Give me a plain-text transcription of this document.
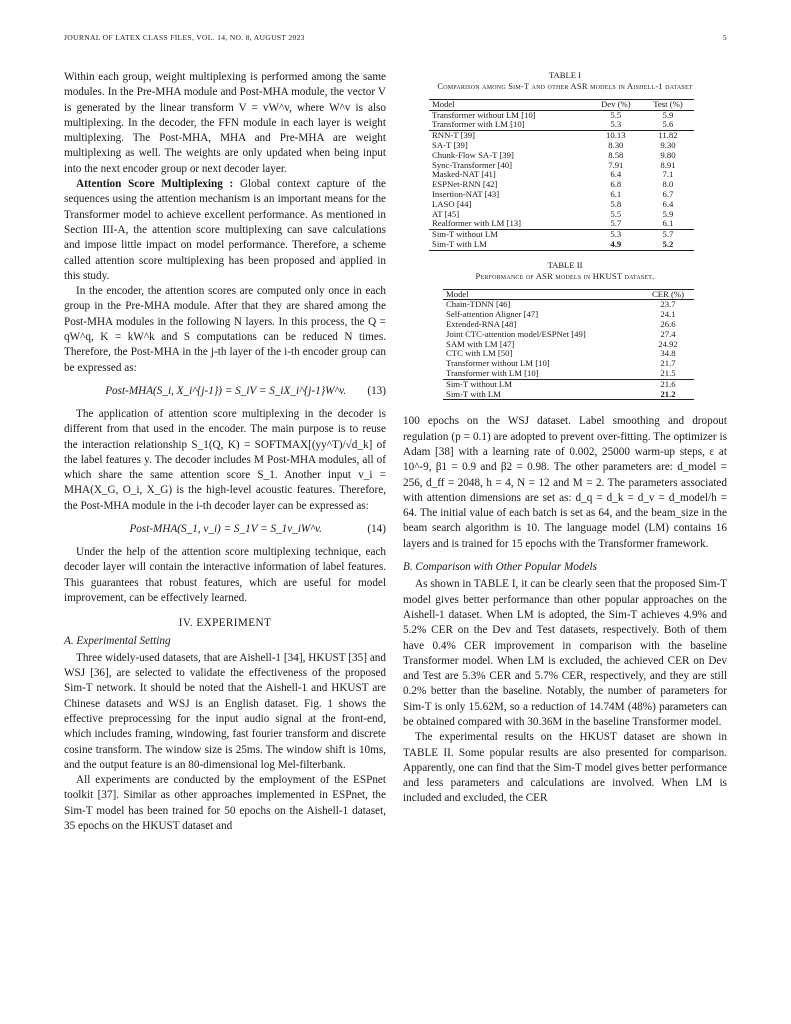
JOURNAL OF LATEX CLASS FILES, VOL. 14, NO. 8, AUGUST 2023	5

Within each group, weight multiplexing is performed among the same modules. In the Pre-MHA module and Post-MHA module, the vector V is generated by the linear transform V = vW^v, where W^v is also multiplexing. In the decoder, the FFN module in each layer is weight multiplexing. The Post-MHA, MHA and Pre-MHA are weight multiplexing as well. The weights are only updated when being input into the next encoder group or next decoder layer.

Attention Score Multiplexing : Global context capture of the sequences using the attention mechanism is an important means for the Transformer model to achieve excellent performance. As mentioned in Section III-A, the attention score multiplexing can save calculations and impose little impact on model performance. Therefore, a scheme called attention score multiplexing has been proposed and applied in this study.

In the encoder, the attention scores are computed only once in each group in the Pre-MHA module. After that they are shared among the Post-MHA modules in the following N layers. In this process, the Q = qW^q, K = kW^k and S computations can be reduced N times. Therefore, the Post-MHA in the j-th layer of the i-th encoder group can be expressed as:

Post-MHA(S_i, X_i^{j-1}) = S_iV = S_iX_i^{j-1}W^v.	(13)

The application of attention score multiplexing in the decoder is different from that used in the encoder. The main purpose is to reuse the interaction relationship S_1(Q, K) = SOFTMAX[(yy^T)/√d_k] of the label features y. The decoder includes M Post-MHA modules, all of which share the same attention score S_1. Another input v_i = MHA(X_G, O_i, X_G) is the high-level acoustic features. Therefore, the Post-MHA module in the i-th decoder layer can be expressed as:

Post-MHA(S_1, v_i) = S_1V = S_1v_iW^v.	(14)

Under the help of the attention score multiplexing technique, each decoder layer will contain the interactive information of label features. This guarantees that robust features, which are useful for model improvement, can be effectively learned.

IV. EXPERIMENT
A. Experimental Setting

Three widely-used datasets, that are Aishell-1 [34], HKUST [35] and WSJ [36], are selected to validate the effectiveness of the proposed Sim-T network. It should be noted that the Aishell-1 and HKUST are Chinese datasets and WSJ is an English dataset. Fig. 1 shows the effective preprocessing for the input audio signal at the front-end, which includes framing, windowing, fast fourier transform and discrete cosine transform. The window size is 25ms. The window shift is 10ms, and the output feature is an 80-dimensional log Mel-filterbank.

All experiments are conducted by the employment of the ESPnet toolkit [37]. Similar as other approaches implemented in ESPnet, the Sim-T model has been trained for 50 epochs on the Aishell-1 dataset, 35 epochs on the HKUST dataset and

TABLE I
Comparison among Sim-T and other ASR models in Aishell-1 dataset
Model	Dev (%)	Test (%)
Transformer without LM [10]	5.5	5.9
Transformer with LM [10]	5.3	5.6
RNN-T [39]	10.13	11.82
SA-T [39]	8.30	9.30
Chunk-Flow SA-T [39]	8.58	9.80
Sync-Transformer [40]	7.91	8.91
Masked-NAT [41]	6.4	7.1
ESPNet-RNN [42]	6.8	8.0
Insertion-NAT [43]	6.1	6.7
LASO [44]	5.8	6.4
AT [45]	5.5	5.9
Realformer with LM [13]	5.7	6.1
Sim-T without LM	5.3	5.7
Sim-T with LM	4.9	5.2
TABLE II
Performance of ASR models in HKUST dataset.
Model	CER (%)
Chain-TDNN [46]	23.7
Self-attention Aligner [47]	24.1
Extended-RNA [48]	26.6
Joint CTC-attention model/ESPNet [49]	27.4
SAM with LM [47]	24.92
CTC with LM [50]	34.8
Transformer without LM [10]	21.7
Transformer with LM [10]	21.5
Sim-T without LM	21.6
Sim-T with LM	21.2

100 epochs on the WSJ dataset. Label smoothing and dropout regulation (p = 0.1) are adopted to prevent over-fitting. The optimizer is Adam [38] with a learning rate of 0.002, 25000 warm-up steps, ε at 10^-9, β1 = 0.9 and β2 = 0.98. The other parameters are: d_model = 256, d_ff = 2048, h = 4, N = 12 and M = 2. The parameters associated with attention dimensions are set as: d_q = d_k = d_v = d_model/h = 64. The initial value of each batch is set as 64, and the beam_size in the beam search algorithm is 10. The language model (LM) contains 16 layers and is trained for 15 epochs with the Transformer framework.

B. Comparison with Other Popular Models

As shown in TABLE I, it can be clearly seen that the proposed Sim-T model gives better performance than other popular approaches on the Aishell-1 dataset. When LM is adopted, the Sim-T achieves 4.9% and 5.2% CER on the Dev and Test datasets, respectively. Both of them have 0.4% CER improvement in comparison with the baseline Transformer model. When LM is excluded, the achieved CER on Dev and Test are 5.3% CER and 5.7% CER, respectively, and they are still 0.2% better than the baseline. Notably, the number of parameters for Sim-T is only 15.62M, so a reduction of 14.74M (48%) parameters can be obtained compared with 30.36M in the baseline Transformer model.

The experimental results on the HKUST dataset are shown in TABLE II. Some popular results are also presented for comparison. Apparently, one can find that the Sim-T model gives better performance and less parameters and calculations are involved. When LM is included and excluded, the CER
